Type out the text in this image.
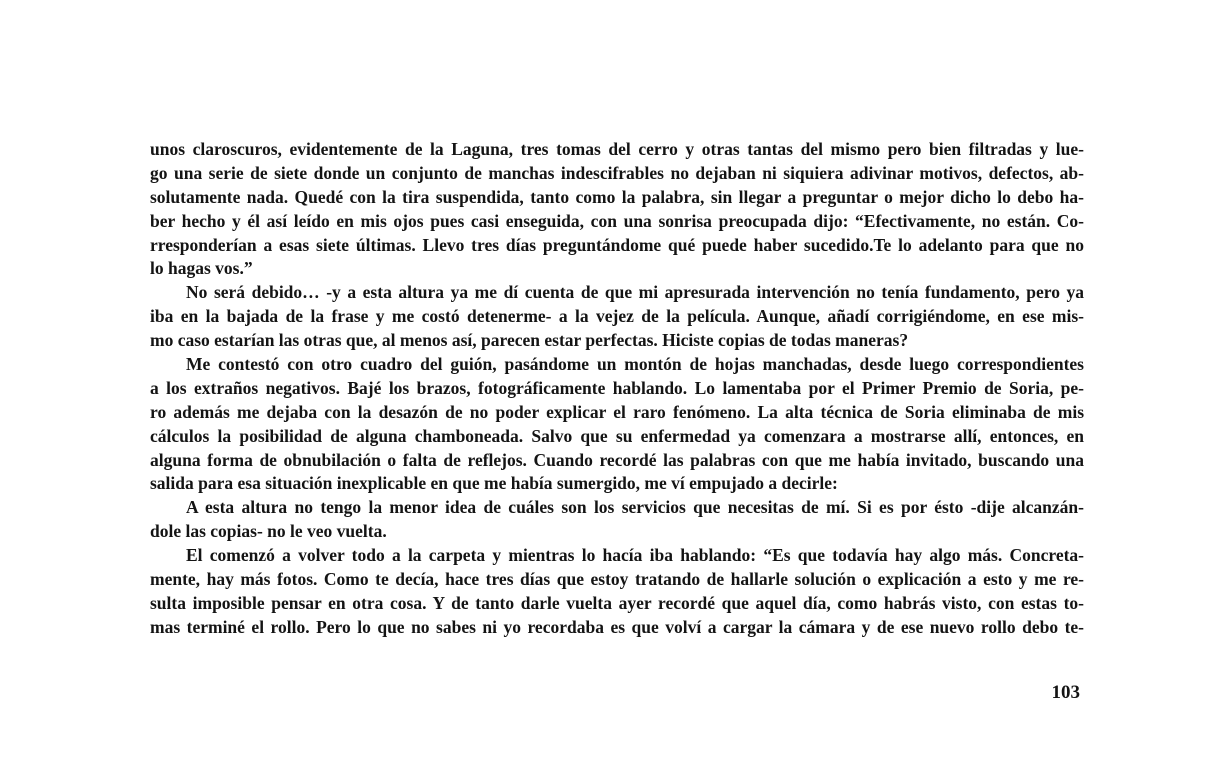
unos claroscuros, evidentemente de la Laguna, tres tomas del cerro y otras tantas del mismo pero bien filtradas y lue-
go una serie de siete donde un conjunto de manchas indescifrables no dejaban ni siquiera adivinar motivos, defectos, ab-
solutamente nada. Quedé con la tira suspendida, tanto como la palabra, sin llegar a preguntar o mejor dicho lo debo ha-
ber hecho y él así leído en mis ojos pues casi enseguida, con una sonrisa preocupada dijo: “Efectivamente, no están. Co-
rresponderían a esas siete últimas. Llevo tres días preguntándome qué puede haber sucedido.Te lo adelanto para que no
lo hagas vos.”
No será debido… -y a esta altura ya me dí cuenta de que mi apresurada intervención no tenía fundamento, pero ya
iba en la bajada de la frase y me costó detenerme- a la vejez de la película. Aunque, añadí corrigiéndome, en ese mis-
mo caso estarían las otras que, al menos así, parecen estar perfectas. Hiciste copias de todas maneras?
Me contestó con otro cuadro del guión, pasándome un montón de hojas manchadas, desde luego correspondientes
a los extraños negativos. Bajé los brazos, fotográficamente hablando. Lo lamentaba por el Primer Premio de Soria, pe-
ro además me dejaba con la desazón de no poder explicar el raro fenómeno. La alta técnica de Soria eliminaba de mis
cálculos la posibilidad de alguna chamboneada. Salvo que su enfermedad ya comenzara a mostrarse allí, entonces, en
alguna forma de obnubilación o falta de reflejos. Cuando recordé las palabras con que me había invitado, buscando una
salida para esa situación inexplicable en que me había sumergido, me ví empujado a decirle:
A esta altura no tengo la menor idea de cuáles son los servicios que necesitas de mí. Si es por ésto -dije alcanzán-
dole las copias- no le veo vuelta.
El comenzó a volver todo a la carpeta y mientras lo hacía iba hablando: “Es que todavía hay algo más. Concreta-
mente, hay más fotos. Como te decía, hace tres días que estoy tratando de hallarle solución o explicación a esto y me re-
sulta imposible pensar en otra cosa. Y de tanto darle vuelta ayer recordé que aquel día, como habrás visto, con estas to-
mas terminé el rollo. Pero lo que no sabes ni yo recordaba es que volví a cargar la cámara y de ese nuevo rollo debo te-
103
